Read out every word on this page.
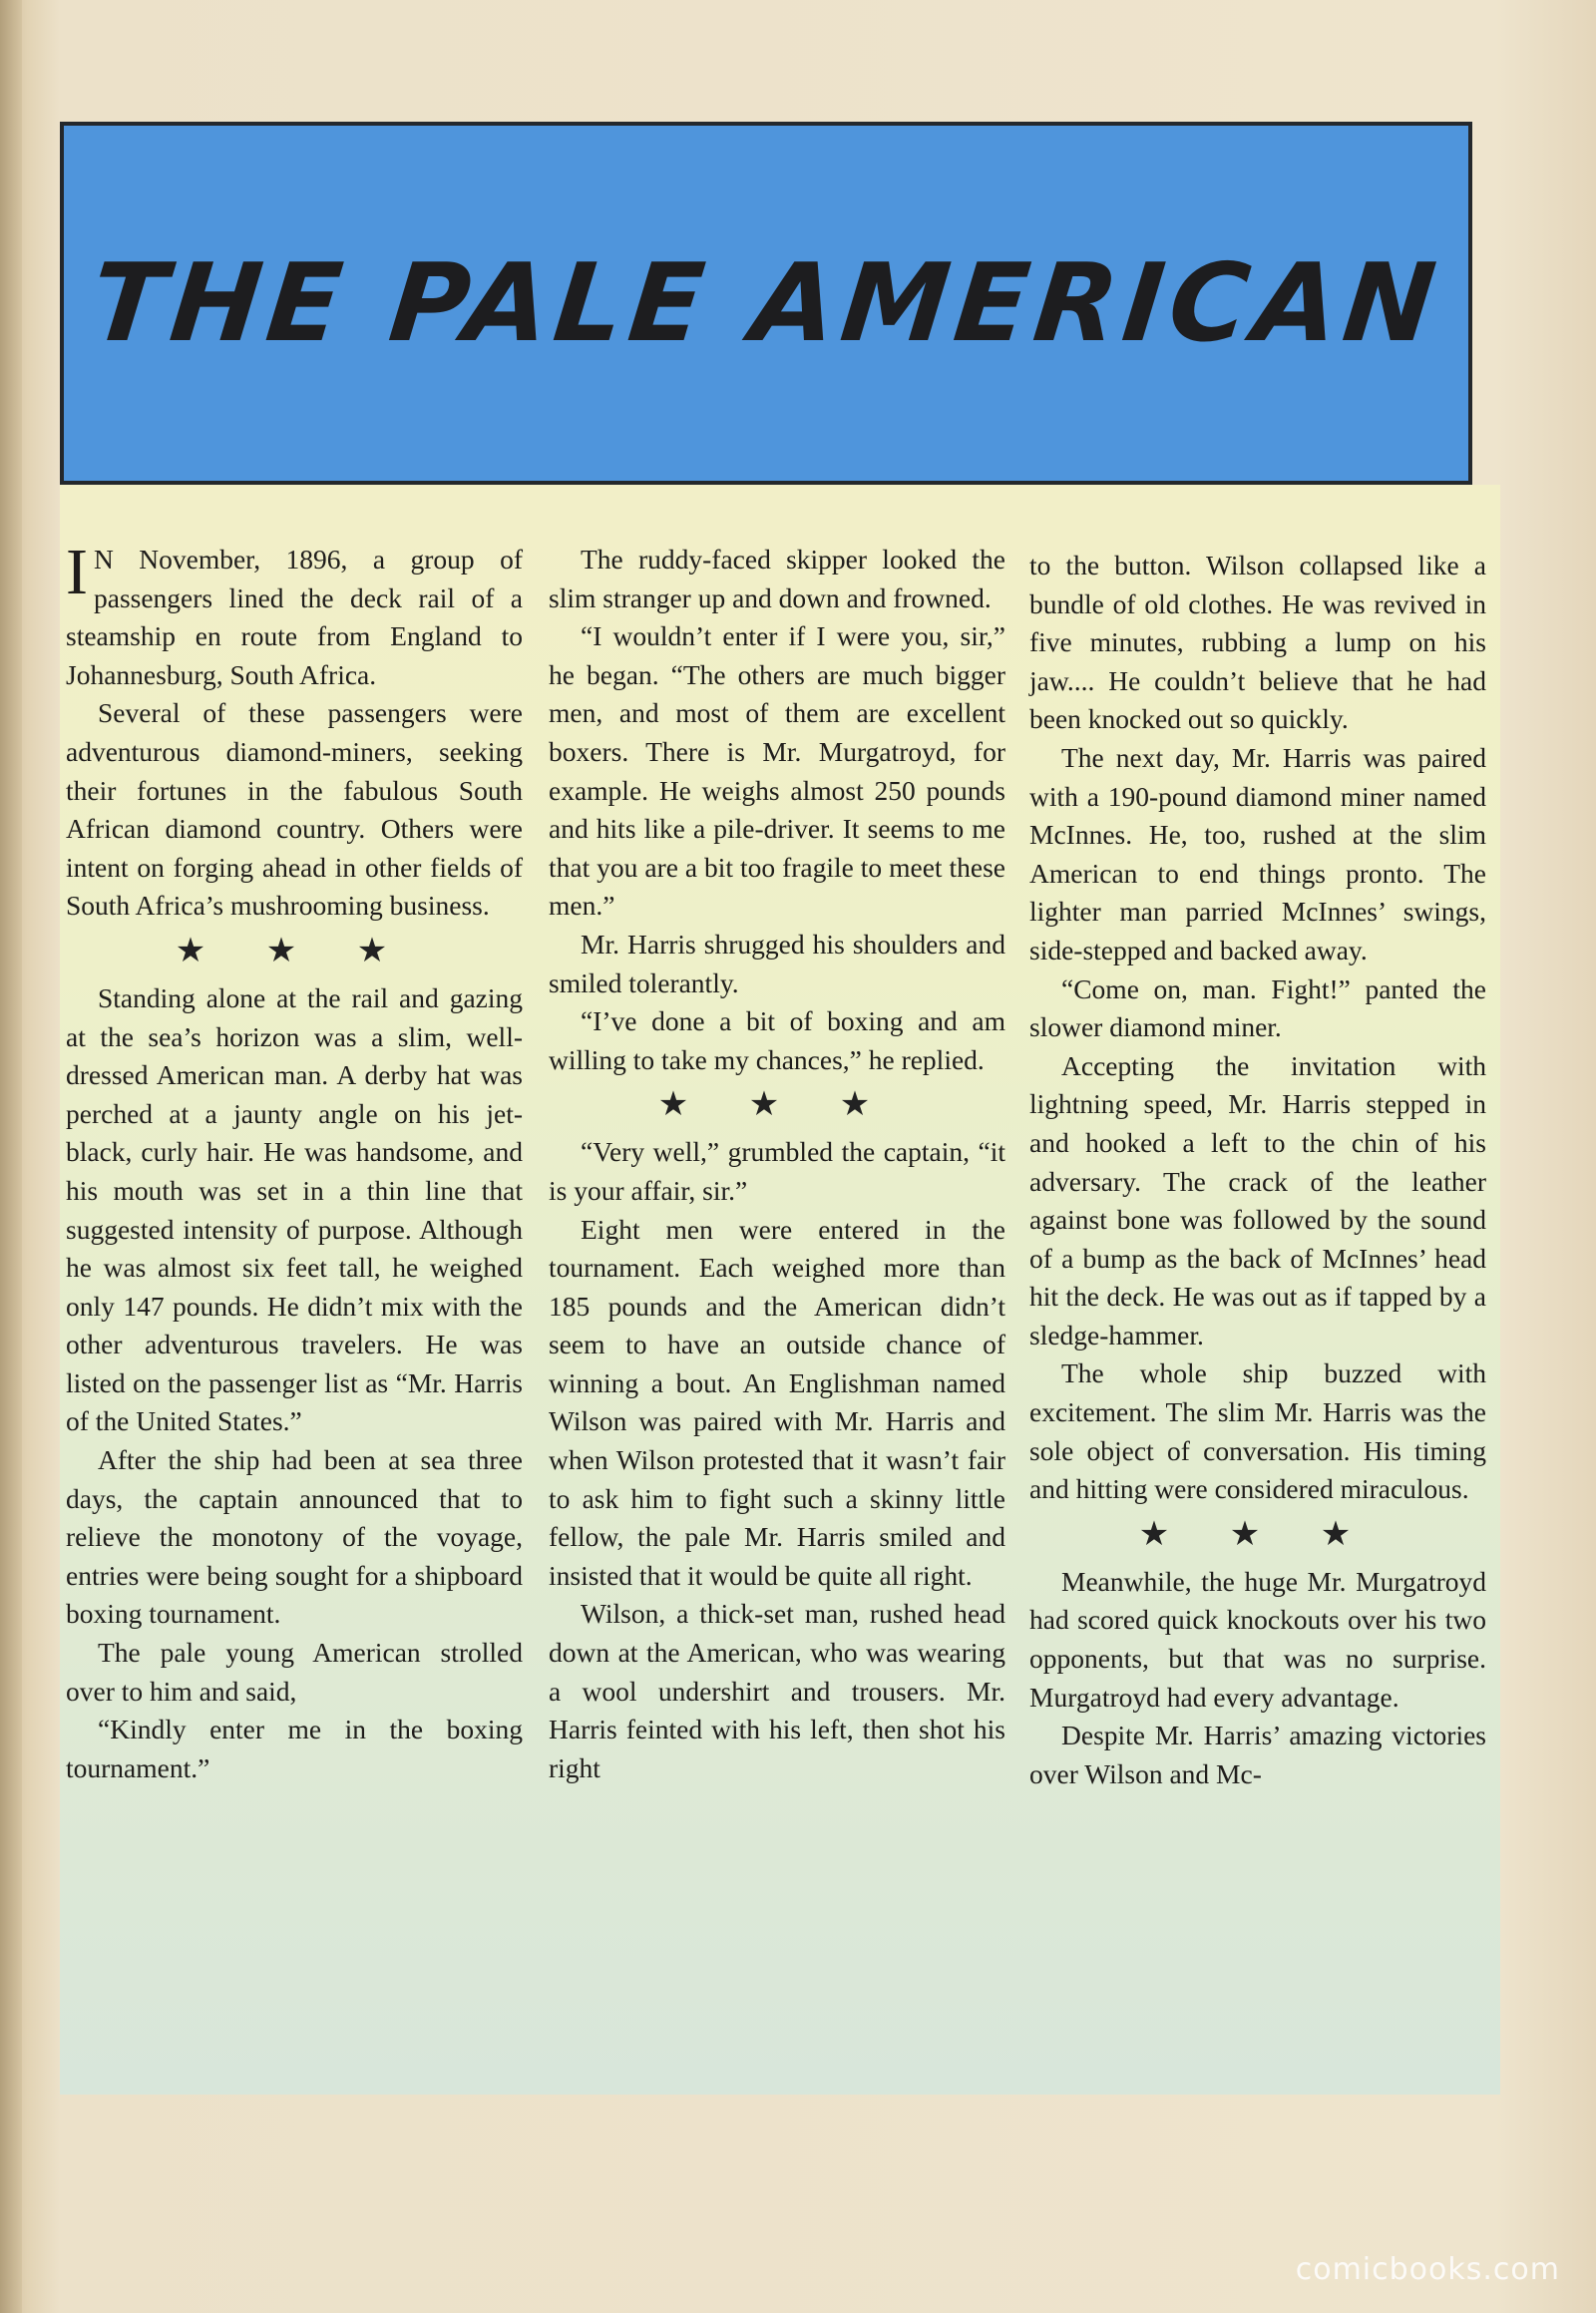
THE PALE AMERICAN

I N November, 1896, a group of passengers lined the deck rail of a steamship en route from England to Johannesburg, South Africa.

Several of these passengers were adventurous diamond-miners, seeking their fortunes in the fabulous South African diamond country. Others were intent on forging ahead in other fields of South Africa’s mushrooming business.

★ ★ ★

Standing alone at the rail and gazing at the sea’s horizon was a slim, well-dressed American man. A derby hat was perched at a jaunty angle on his jet-black, curly hair. He was handsome, and his mouth was set in a thin line that suggested intensity of purpose. Although he was almost six feet tall, he weighed only 147 pounds. He didn’t mix with the other adventurous travelers. He was listed on the passenger list as “Mr. Harris of the United States.”

After the ship had been at sea three days, the captain announced that to relieve the monotony of the voyage, entries were being sought for a shipboard boxing tournament.

The pale young American strolled over to him and said,

“Kindly enter me in the boxing tournament.”

The ruddy-faced skipper looked the slim stranger up and down and frowned.

“I wouldn’t enter if I were you, sir,” he began. “The others are much bigger men, and most of them are excellent boxers. There is Mr. Murgatroyd, for example. He weighs almost 250 pounds and hits like a pile-driver. It seems to me that you are a bit too fragile to meet these men.”

Mr. Harris shrugged his shoulders and smiled tolerantly.

“I’ve done a bit of boxing and am willing to take my chances,” he replied.

★ ★ ★

“Very well,” grumbled the captain, “it is your affair, sir.”

Eight men were entered in the tournament. Each weighed more than 185 pounds and the American didn’t seem to have an outside chance of winning a bout. An Englishman named Wilson was paired with Mr. Harris and when Wilson protested that it wasn’t fair to ask him to fight such a skinny little fellow, the pale Mr. Harris smiled and insisted that it would be quite all right.

Wilson, a thick-set man, rushed head down at the American, who was wearing a wool undershirt and trousers. Mr. Harris feinted with his left, then shot his right

to the button. Wilson collapsed like a bundle of old clothes. He was revived in five minutes, rubbing a lump on his jaw.... He couldn’t believe that he had been knocked out so quickly.

The next day, Mr. Harris was paired with a 190-pound diamond miner named McInnes. He, too, rushed at the slim American to end things pronto. The lighter man parried McInnes’ swings, side-stepped and backed away.

“Come on, man. Fight!” panted the slower diamond miner.

Accepting the invitation with lightning speed, Mr. Harris stepped in and hooked a left to the chin of his adversary. The crack of the leather against bone was followed by the sound of a bump as the back of McInnes’ head hit the deck. He was out as if tapped by a sledge-hammer.

The whole ship buzzed with excitement. The slim Mr. Harris was the sole object of conversation. His timing and hitting were considered miraculous.

★ ★ ★

Meanwhile, the huge Mr. Murgatroyd had scored quick knockouts over his two opponents, but that was no surprise. Murgatroyd had every advantage.

Despite Mr. Harris’ amazing victories over Wilson and Mc-

comicbooks.com
